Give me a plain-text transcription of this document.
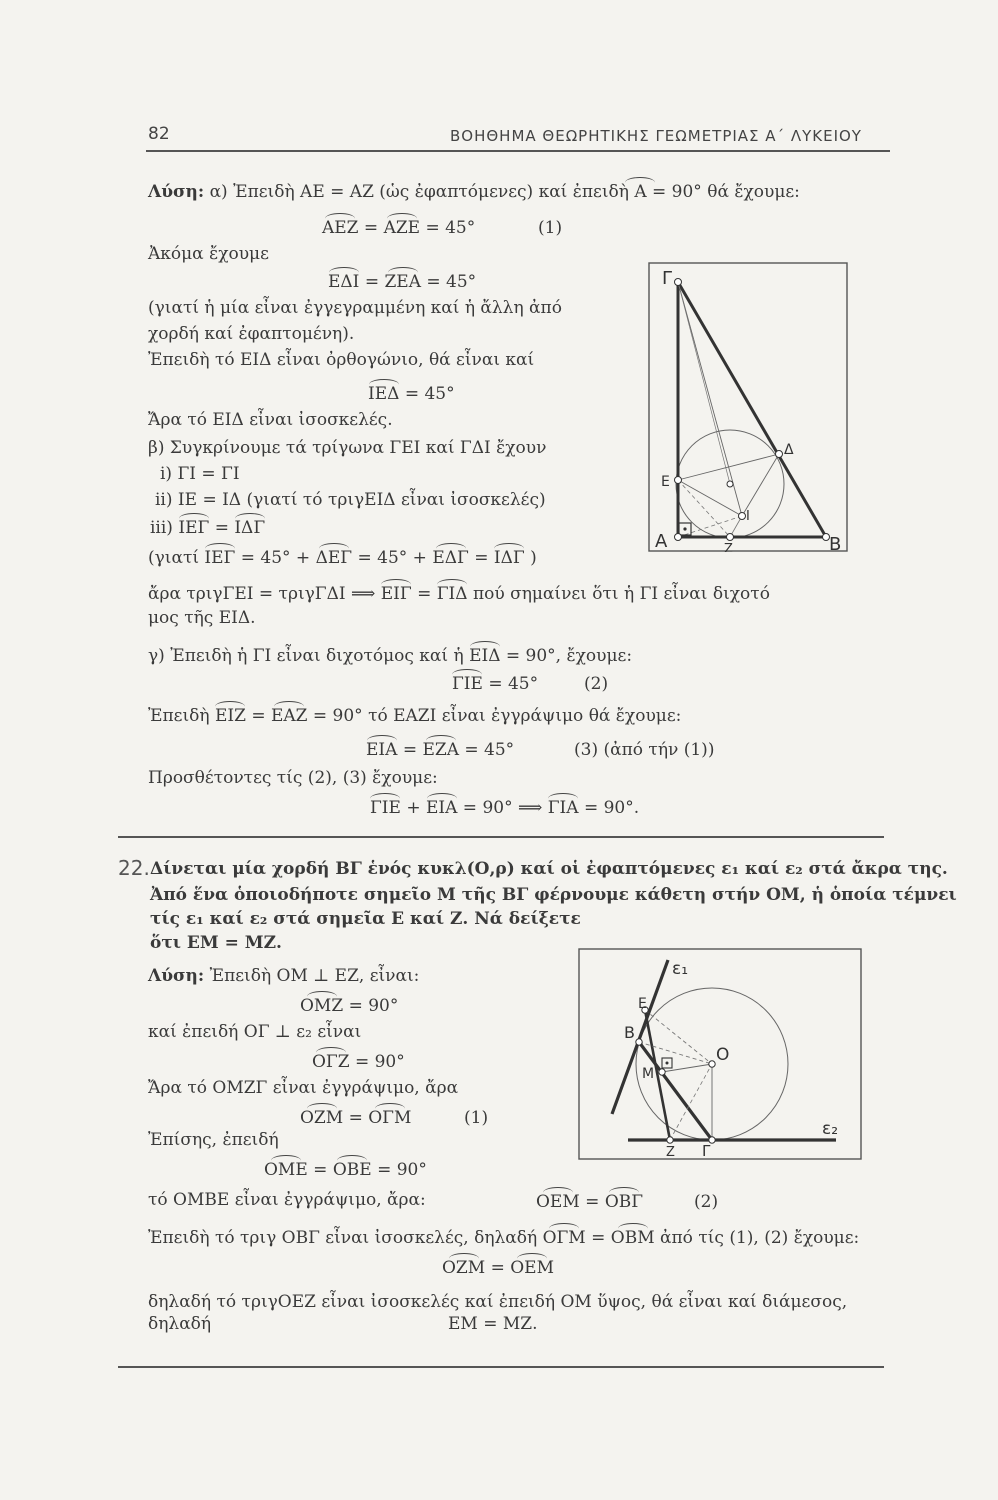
82	ΒΟΗΘΗΜΑ ΘΕΩΡΗΤΙΚΗΣ ΓΕΩΜΕΤΡΙΑΣ Α΄ ΛΥΚΕΙΟΥ
Λύση: α) Ἐπειδὴ ΑΕ = ΑΖ (ὡς ἐφαπτόμενες) καί ἐπειδὴ Α = 90° θά ἔχουμε:
ΑΕΖ = ΑΖΕ = 45°	(1)
Ἀκόμα ἔχουμε
ΕΔΙ = ΖΕΑ = 45°
(γιατί ἡ μία εἶναι ἐγγεγραμμένη καί ἡ ἄλλη ἀπό
χορδή καί ἐφαπτομένη).
Ἐπειδὴ τό ΕΙΔ εἶναι ὀρθογώνιο, θά εἶναι καί
ΙΕΔ = 45°
Ἄρα τό ΕΙΔ εἶναι ἰσοσκελές.
β) Συγκρίνουμε τά τρίγωνα ΓΕΙ καί ΓΔΙ ἔχουν
i) ΓΙ = ΓΙ
ii) ΙΕ = ΙΔ (γιατί τό τριγΕΙΔ εἶναι ἰσοσκελές)
iii) ΙΕΓ = ΙΔΓ
(γιατί ΙΕΓ = 45° + ΔΕΓ = 45° + ΕΔΓ = ΙΔΓ )
ἄρα τριγΓΕΙ = τριγΓΔΙ ⟹ ΕΙΓ = ΓΙΔ πού σημαίνει ὅτι ἡ ΓΙ εἶναι διχοτό
μος τῆς ΕΙΔ.
γ) Ἐπειδὴ ἡ ΓΙ εἶναι διχοτόμος καί ἡ ΕΙΔ = 90°, ἔχουμε:
ΓΙΕ = 45°	(2)
Ἐπειδὴ ΕΙΖ = ΕΑΖ = 90° τό ΕΑΖΙ εἶναι ἐγγράψιμο θά ἔχουμε:
ΕΙΑ = ΕΖΑ = 45°	(3) (ἀπό τήν (1))
Προσθέτοντες τίς (2), (3) ἔχουμε:
ΓΙΕ + ΕΙΑ = 90° ⟹ ΓΙΑ = 90°.
Γ
Δ
Ε
Ι
Α	Ζ	Β
22. Δίνεται μία χορδή ΒΓ ἑνός κυκλ(Ο,ρ) καί οἱ ἐφαπτόμενες ε₁ καί ε₂ στά ἄκρα της.
Ἀπό ἕνα ὁποιοδήποτε σημεῖο Μ τῆς ΒΓ φέρνουμε κάθετη στήν ΟΜ, ἡ ὁποία τέμνει
τίς ε₁ καί ε₂ στά σημεῖα Ε καί Ζ. Νά δείξετε
ὅτι ΕΜ = ΜΖ.
Λύση: Ἐπειδὴ ΟΜ ⊥ ΕΖ, εἶναι:
ΟΜΖ = 90°
καί ἐπειδή ΟΓ ⊥ ε₂ εἶναι
ΟΓΖ = 90°
Ἄρα τό ΟΜΖΓ εἶναι ἐγγράψιμο, ἄρα
ΟΖΜ = ΟΓΜ	(1)
Ἐπίσης, ἐπειδή
ΟΜΕ = ΟΒΕ = 90°
τό ΟΜΒΕ εἶναι ἐγγράψιμο, ἄρα:	ΟΕΜ = ΟΒΓ	(2)
Ἐπειδὴ τό τριγ ΟΒΓ εἶναι ἰσοσκελές, δηλαδή ΟΓΜ = ΟΒΜ ἀπό τίς (1), (2) ἔχουμε:
ΟΖΜ = ΟΕΜ
δηλαδή τό τριγΟΕΖ εἶναι ἰσοσκελές καί ἐπειδή ΟΜ ὕψος, θά εἶναι καί διάμεσος,
δηλαδή	ΕΜ = ΜΖ.
ε₁
Ε
Β
Ο
Μ
ε₂
Ζ Γ
